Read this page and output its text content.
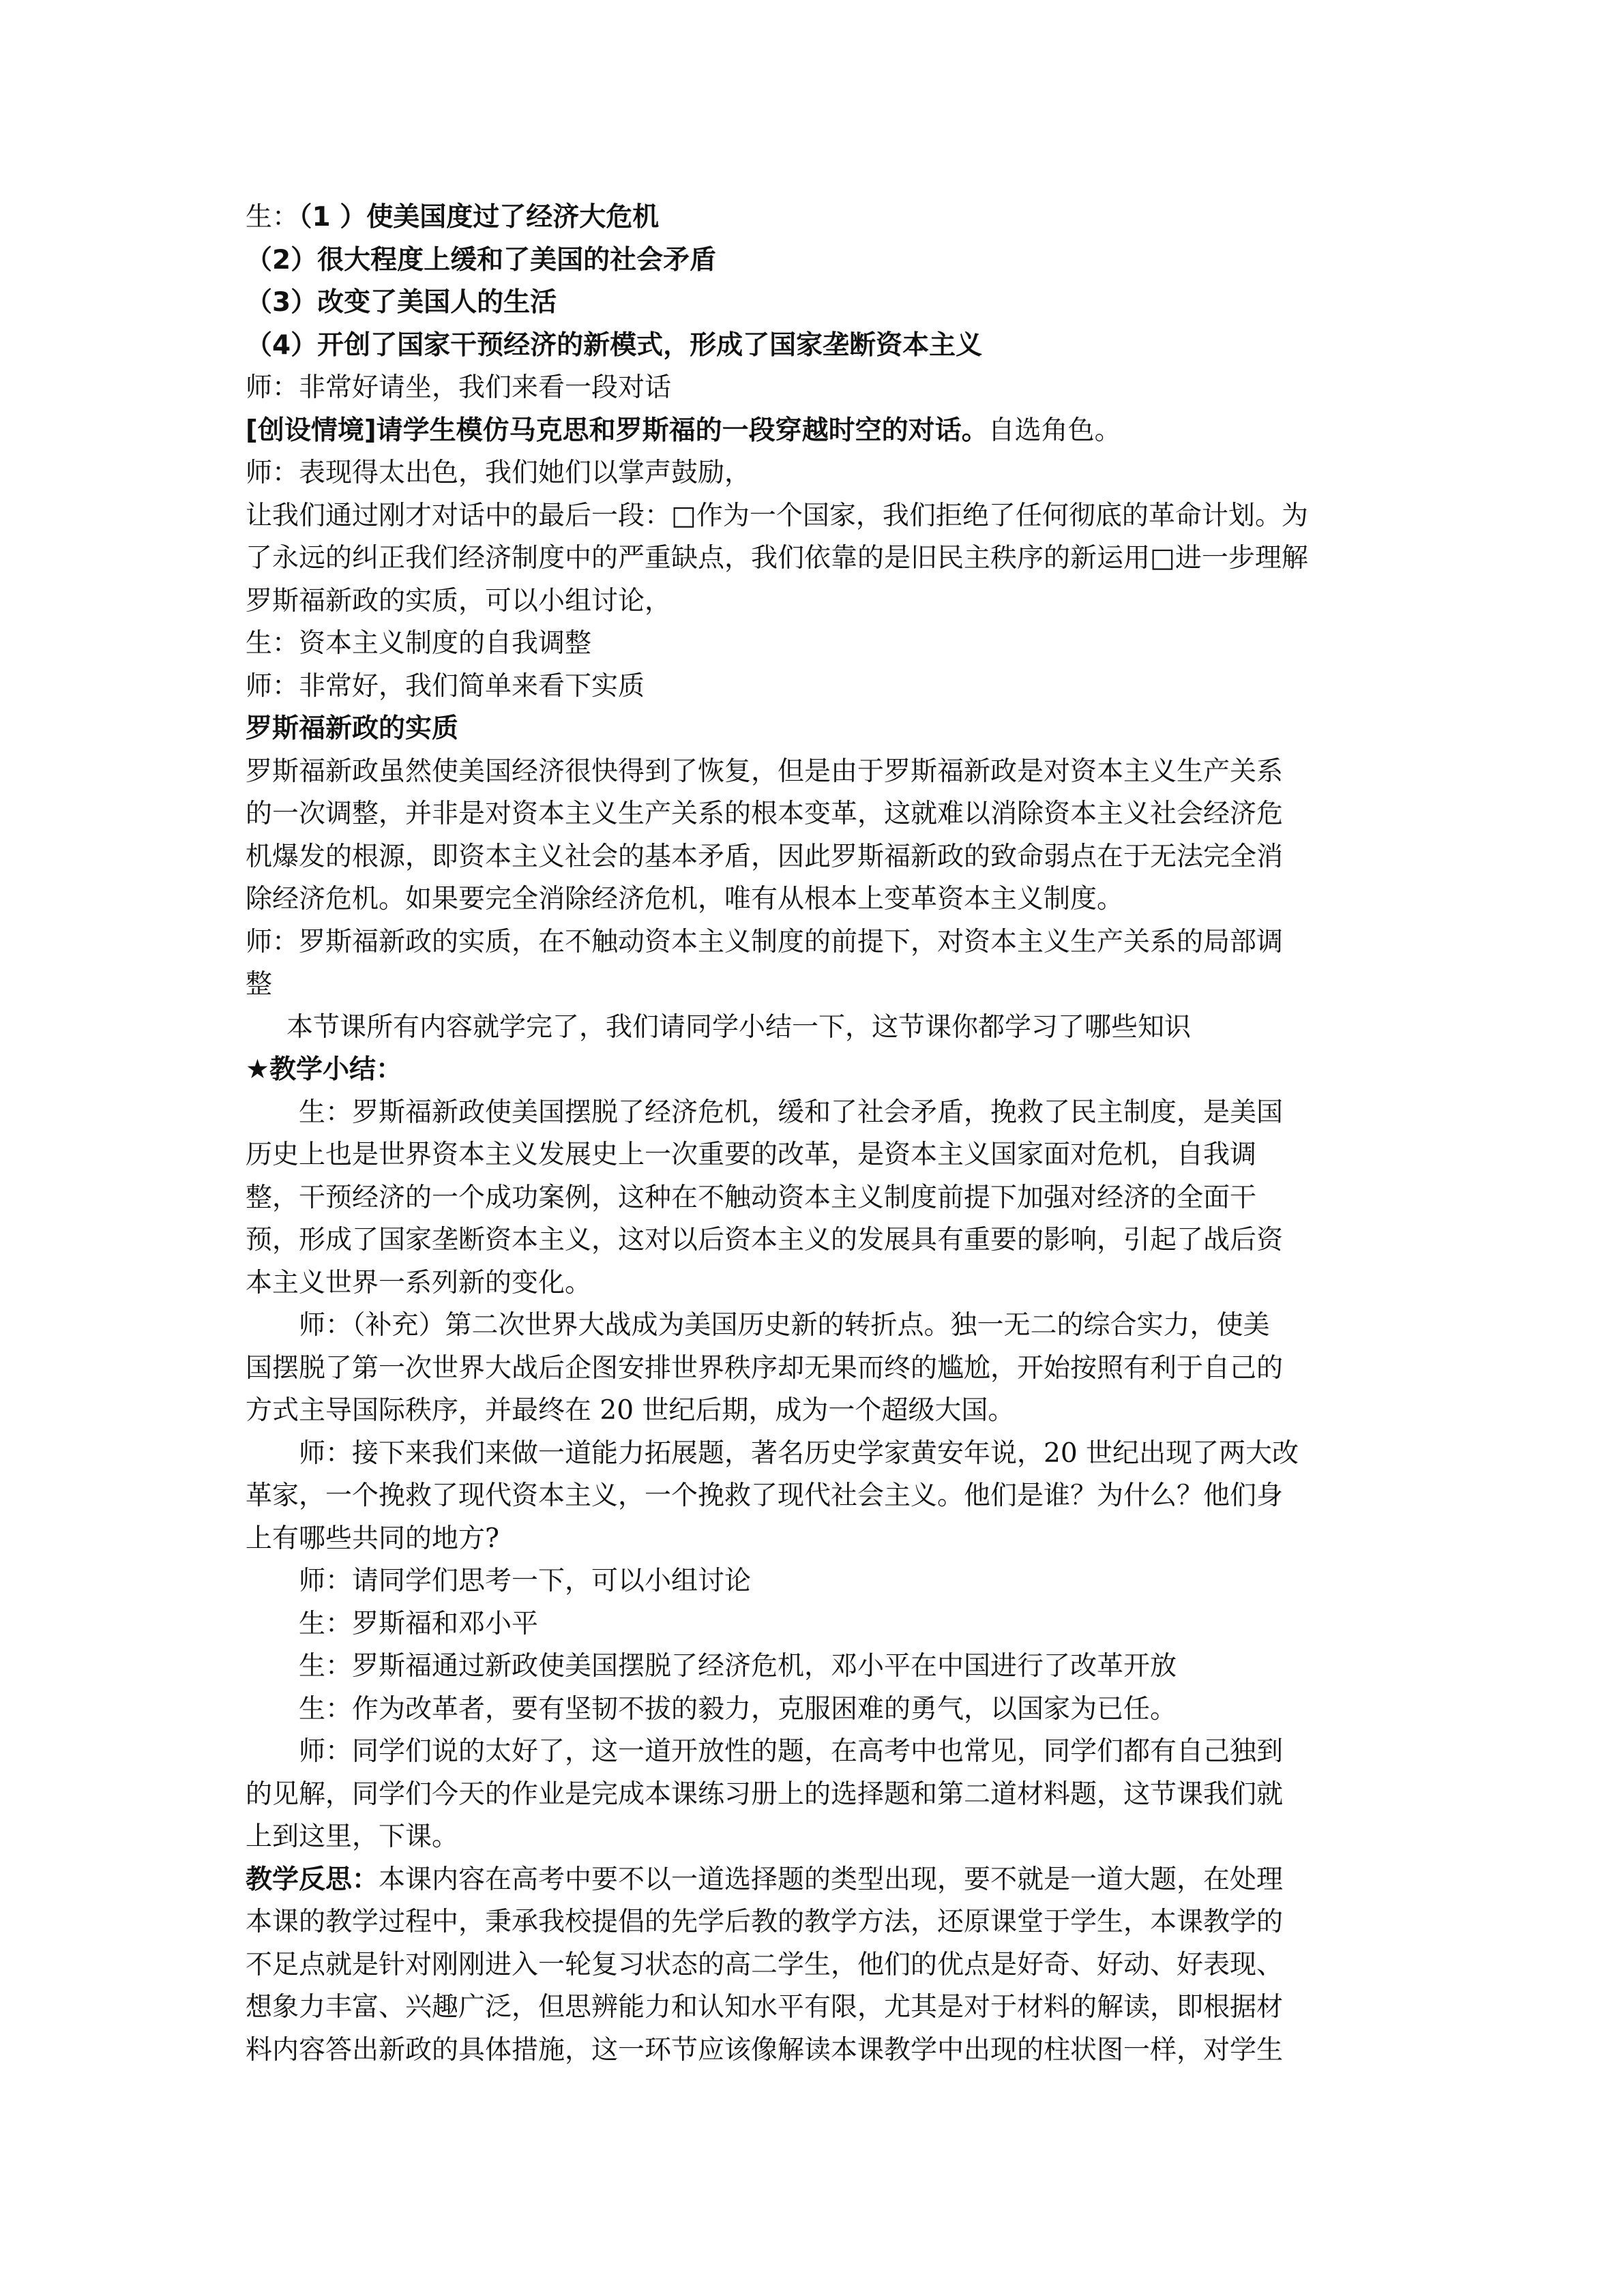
生：（1 ）使美国度过了经济大危机
（2）很大程度上缓和了美国的社会矛盾
（3）改变了美国人的生活
（4）开创了国家干预经济的新模式，形成了国家垄断资本主义
师：非常好请坐，我们来看一段对话
[创设情境]请学生模仿马克思和罗斯福的一段穿越时空的对话。自选角色。
师：表现得太出色，我们她们以掌声鼓励，
让我们通过刚才对话中的最后一段：□作为一个国家，我们拒绝了任何彻底的革命计划。为
了永远的纠正我们经济制度中的严重缺点，我们依靠的是旧民主秩序的新运用□进一步理解
罗斯福新政的实质，可以小组讨论，
生：资本主义制度的自我调整
师：非常好，我们简单来看下实质
罗斯福新政的实质
罗斯福新政虽然使美国经济很快得到了恢复，但是由于罗斯福新政是对资本主义生产关系
的一次调整，并非是对资本主义生产关系的根本变革，这就难以消除资本主义社会经济危
机爆发的根源，即资本主义社会的基本矛盾，因此罗斯福新政的致命弱点在于无法完全消
除经济危机。如果要完全消除经济危机，唯有从根本上变革资本主义制度。
师：罗斯福新政的实质，在不触动资本主义制度的前提下，对资本主义生产关系的局部调
整
本节课所有内容就学完了，我们请同学小结一下，这节课你都学习了哪些知识
★教学小结：
生：罗斯福新政使美国摆脱了经济危机，缓和了社会矛盾，挽救了民主制度，是美国
历史上也是世界资本主义发展史上一次重要的改革，是资本主义国家面对危机，自我调
整，干预经济的一个成功案例，这种在不触动资本主义制度前提下加强对经济的全面干
预，形成了国家垄断资本主义，这对以后资本主义的发展具有重要的影响，引起了战后资
本主义世界一系列新的变化。
师：（补充）第二次世界大战成为美国历史新的转折点。独一无二的综合实力，使美
国摆脱了第一次世界大战后企图安排世界秩序却无果而终的尴尬，开始按照有利于自己的
方式主导国际秩序，并最终在 20 世纪后期，成为一个超级大国。
师：接下来我们来做一道能力拓展题，著名历史学家黄安年说，20 世纪出现了两大改
革家，一个挽救了现代资本主义，一个挽救了现代社会主义。他们是谁？为什么？他们身
上有哪些共同的地方?
师：请同学们思考一下，可以小组讨论
生：罗斯福和邓小平
生：罗斯福通过新政使美国摆脱了经济危机，邓小平在中国进行了改革开放
生：作为改革者，要有坚韧不拔的毅力，克服困难的勇气，以国家为已任。
师：同学们说的太好了，这一道开放性的题，在高考中也常见，同学们都有自己独到
的见解，同学们今天的作业是完成本课练习册上的选择题和第二道材料题，这节课我们就
上到这里，下课。
教学反思：本课内容在高考中要不以一道选择题的类型出现，要不就是一道大题，在处理
本课的教学过程中，秉承我校提倡的先学后教的教学方法，还原课堂于学生，本课教学的
不足点就是针对刚刚进入一轮复习状态的高二学生，他们的优点是好奇、好动、好表现、
想象力丰富、兴趣广泛，但思辨能力和认知水平有限，尤其是对于材料的解读，即根据材
料内容答出新政的具体措施，这一环节应该像解读本课教学中出现的柱状图一样，对学生
